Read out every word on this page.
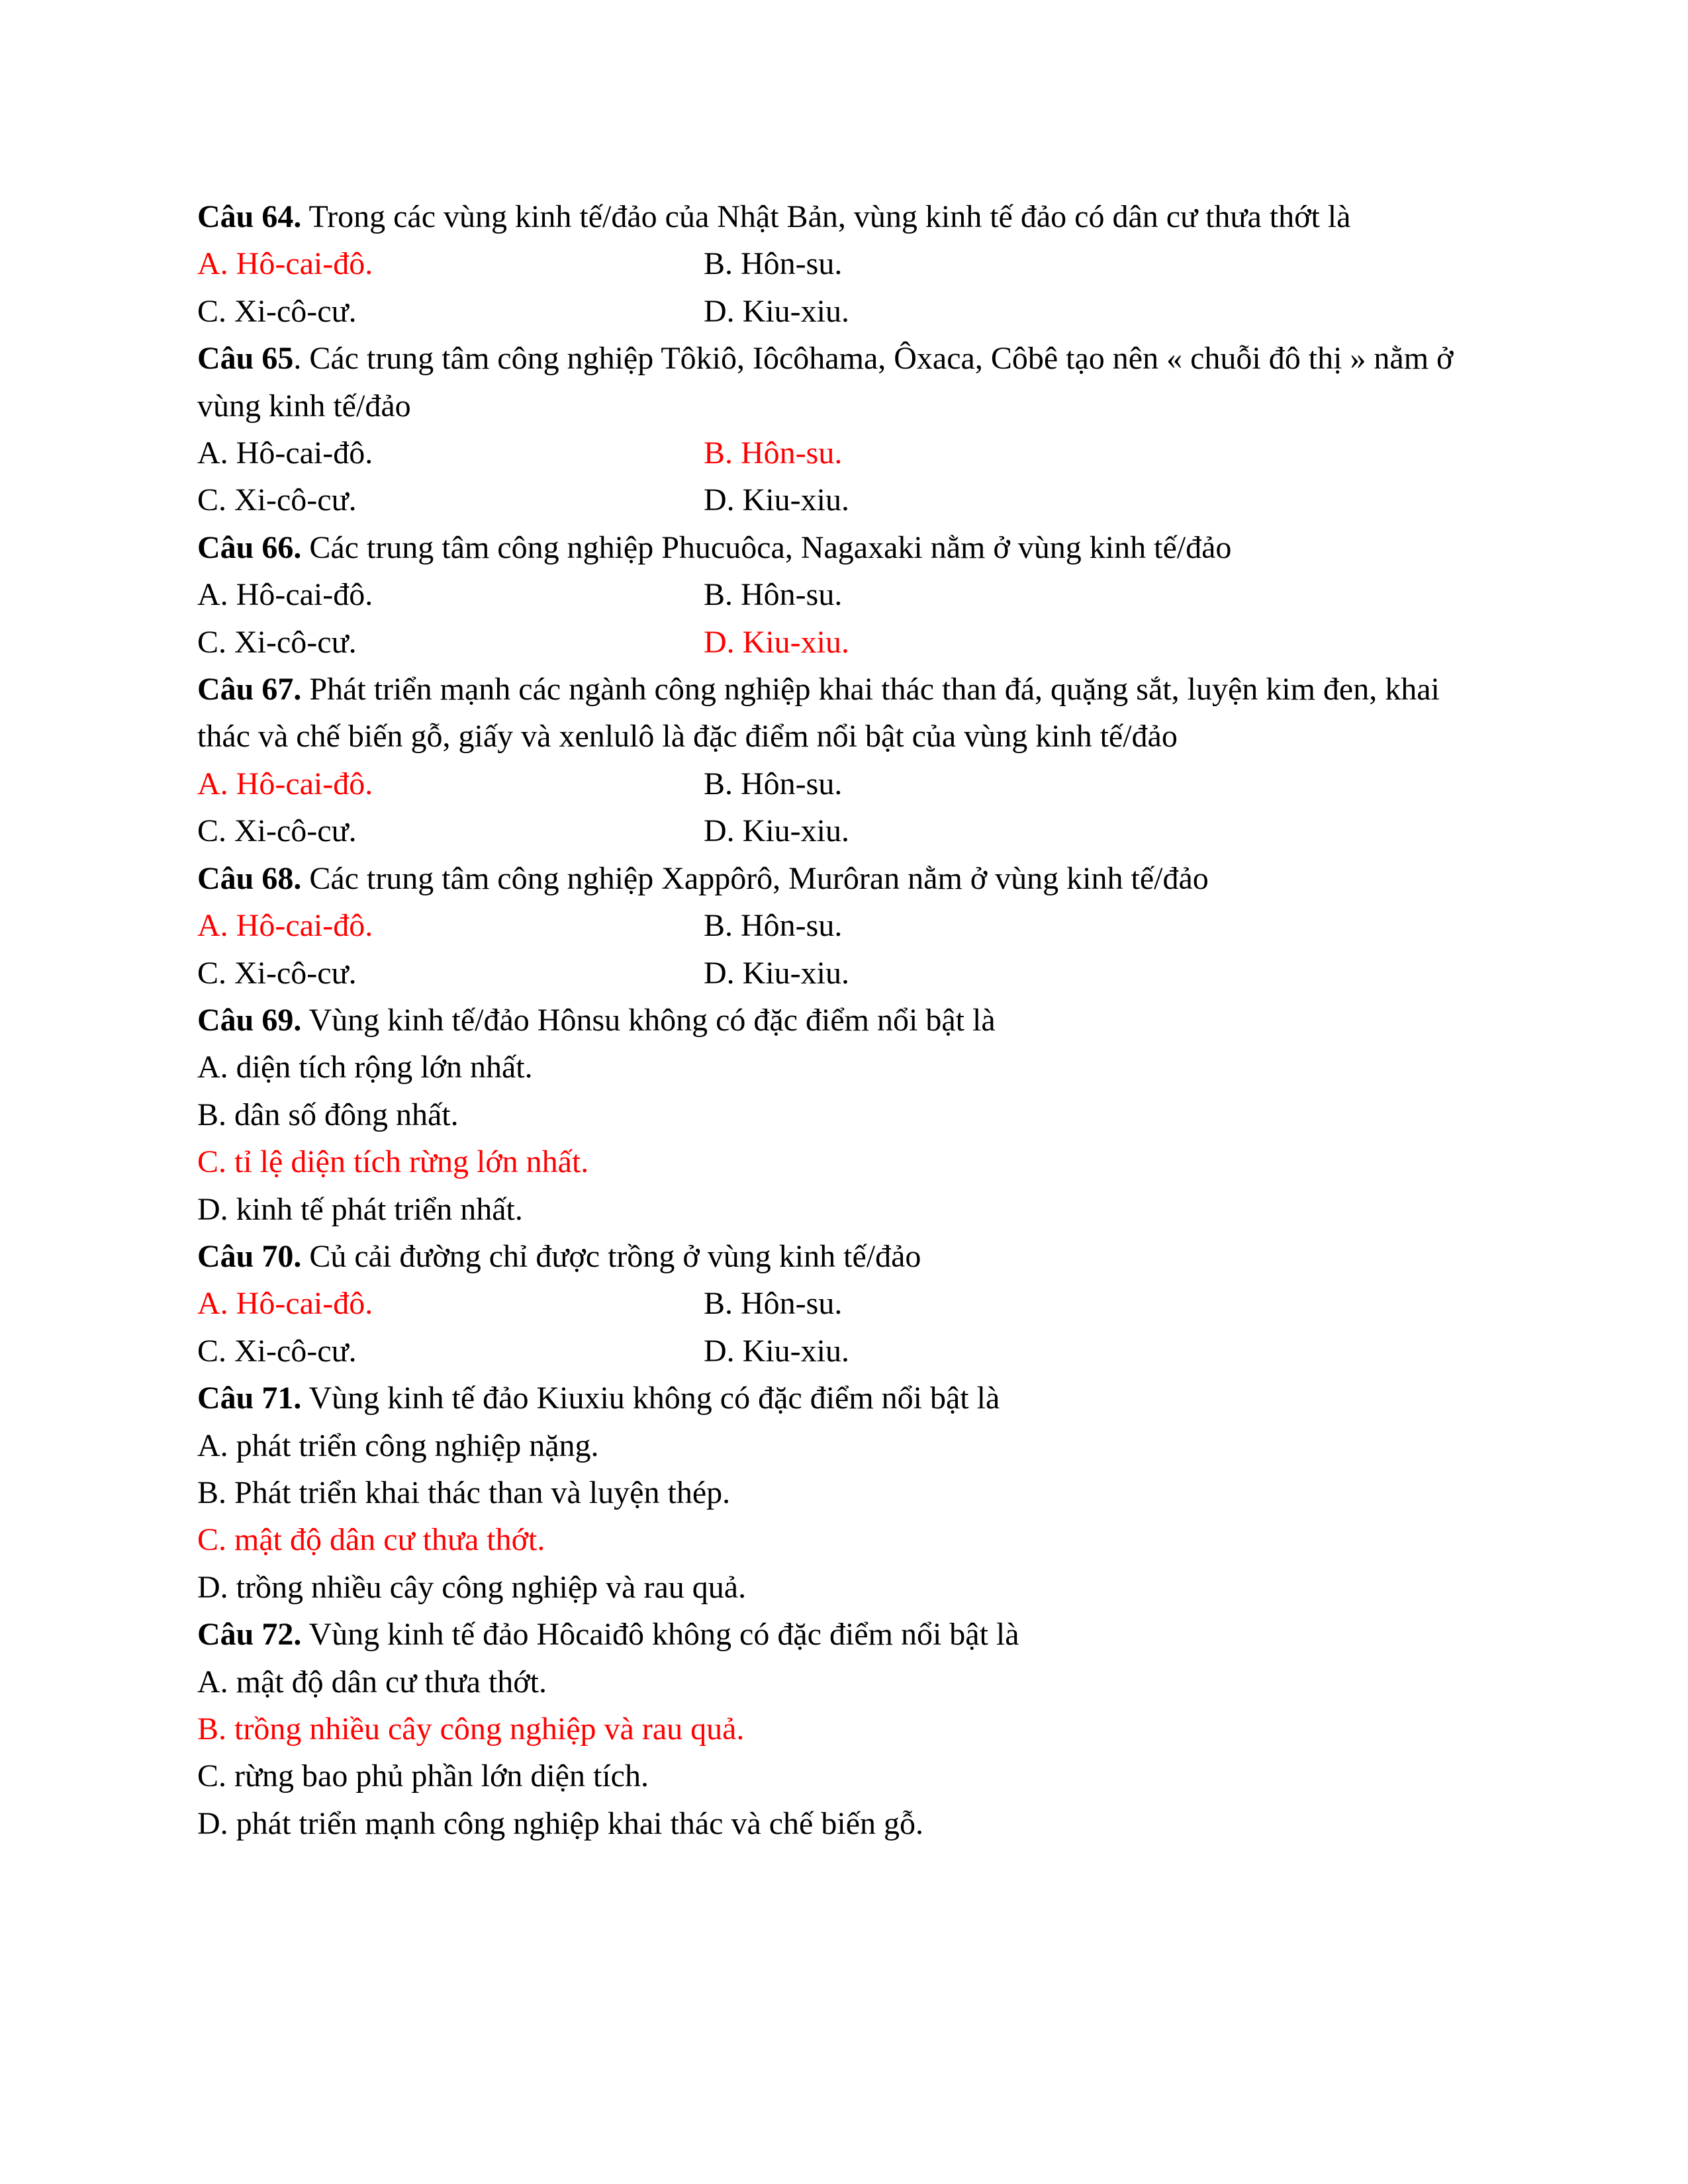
Câu 64. Trong các vùng kinh tế/đảo của Nhật Bản, vùng kinh tế đảo có dân cư thưa thớt là

A. Hô-cai-đô.	B. Hôn-su.

C. Xi-cô-cư.	D. Kiu-xiu.

Câu 65. Các trung tâm công nghiệp Tôkiô, Iôcôhama, Ôxaca, Côbê tạo nên « chuỗi đô thị » nằm ở vùng kinh tế/đảo

A. Hô-cai-đô.	B. Hôn-su.

C. Xi-cô-cư.	D. Kiu-xiu.

Câu 66. Các trung tâm công nghiệp Phucuôca, Nagaxaki nằm ở vùng kinh tế/đảo

A. Hô-cai-đô.	B. Hôn-su.

C. Xi-cô-cư.	D. Kiu-xiu.

Câu 67. Phát triển mạnh các ngành công nghiệp khai thác than đá, quặng sắt, luyện kim đen, khai thác và chế biến gỗ, giấy và xenlulô là đặc điểm nổi bật của vùng kinh tế/đảo

A. Hô-cai-đô.	B. Hôn-su.

C. Xi-cô-cư.	D. Kiu-xiu.

Câu 68. Các trung tâm công nghiệp Xappôrô, Murôran nằm ở vùng kinh tế/đảo

A. Hô-cai-đô.	B. Hôn-su.

C. Xi-cô-cư.	D. Kiu-xiu.

Câu 69. Vùng kinh tế/đảo Hônsu không có đặc điểm nổi bật là

A. diện tích rộng lớn nhất.

B. dân số đông nhất.

C. tỉ lệ diện tích rừng lớn nhất.

D. kinh tế phát triển nhất.

Câu 70. Củ cải đường chỉ được trồng ở vùng kinh tế/đảo

A. Hô-cai-đô.	B. Hôn-su.

C. Xi-cô-cư.	D. Kiu-xiu.

Câu 71. Vùng kinh tế đảo Kiuxiu không có đặc điểm nổi bật là

A. phát triển công nghiệp nặng.

B. Phát triển khai thác than và luyện thép.

C. mật độ dân cư thưa thớt.

D. trồng nhiều cây công nghiệp và rau quả.

Câu 72. Vùng kinh tế đảo Hôcaiđô không có đặc điểm nổi bật là

A. mật độ dân cư thưa thớt.

B. trồng nhiều cây công nghiệp và rau quả.

C. rừng bao phủ phần lớn diện tích.

D. phát triển mạnh công nghiệp khai thác và chế biến gỗ.
